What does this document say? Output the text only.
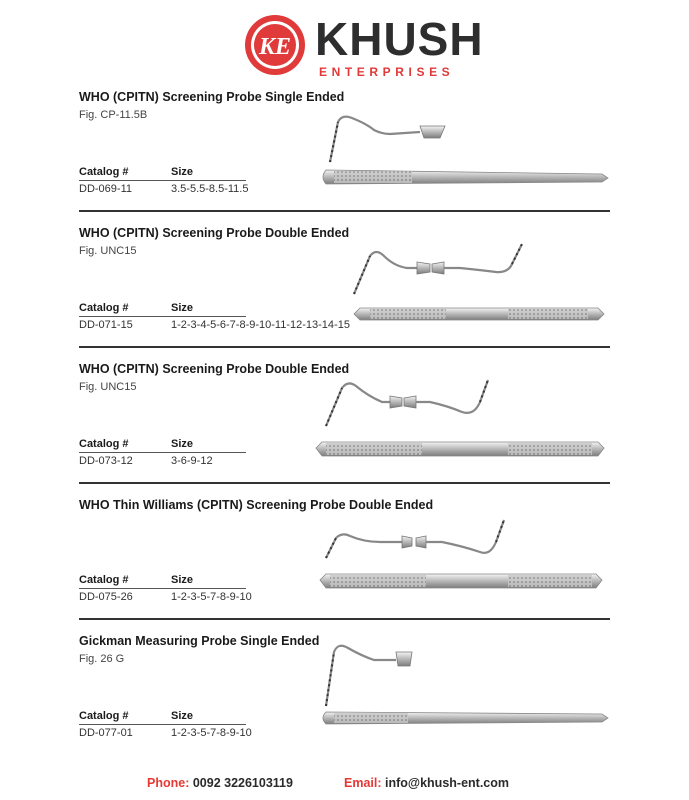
KE KHUSH
ENTERPRISES
WHO (CPITN) Screening Probe Single Ended
Fig. CP-11.5B
Catalog #	Size
DD-069-11	3.5-5.5-8.5-11.5
WHO (CPITN) Screening Probe Double Ended
Fig. UNC15
Catalog #	Size
DD-071-15	1-2-3-4-5-6-7-8-9-10-11-12-13-14-15
WHO (CPITN) Screening Probe Double Ended
Fig. UNC15
Catalog #	Size
DD-073-12	3-6-9-12
WHO Thin Williams (CPITN) Screening Probe Double Ended
Catalog #	Size
DD-075-26	1-2-3-5-7-8-9-10
Gickman Measuring Probe Single Ended
Fig. 26 G
Catalog #	Size
DD-077-01	1-2-3-5-7-8-9-10
Phone: 0092 3226103119	Email: info@khush-ent.com
